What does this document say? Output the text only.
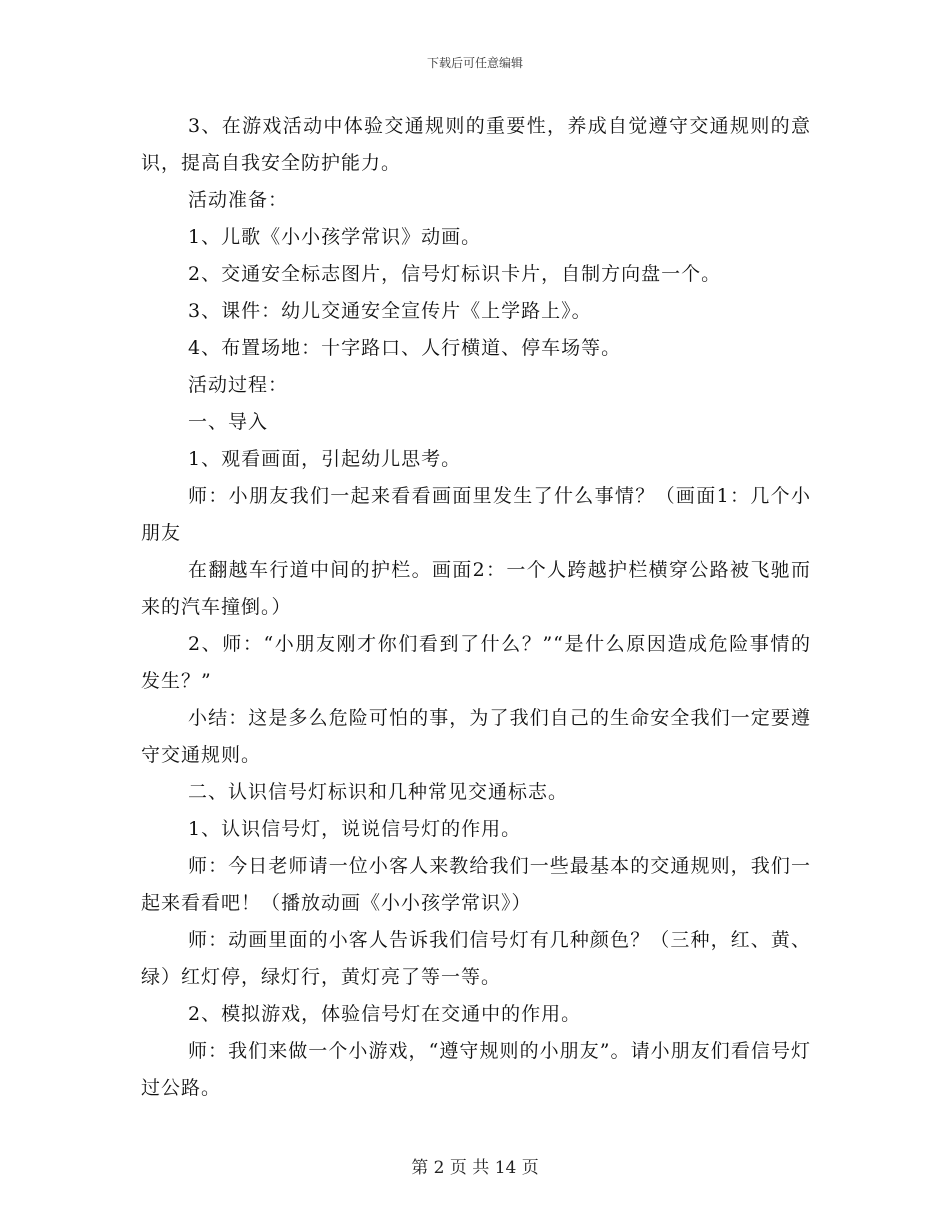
下载后可任意编辑

3、在游戏活动中体验交通规则的重要性，养成自觉遵守交通规则的意识，提高自我安全防护能力。

活动准备：

1、儿歌《小小孩学常识》动画。

2、交通安全标志图片，信号灯标识卡片，自制方向盘一个。

3、课件：幼儿交通安全宣传片《上学路上》。

4、布置场地：十字路口、人行横道、停车场等。

活动过程：

一、导入

1、观看画面，引起幼儿思考。

师：小朋友我们一起来看看画面里发生了什么事情？（画面1：几个小朋友

在翻越车行道中间的护栏。画面2：一个人跨越护栏横穿公路被飞驰而来的汽车撞倒。）

2、师：“小朋友刚才你们看到了什么？”“是什么原因造成危险事情的发生？”

小结：这是多么危险可怕的事，为了我们自己的生命安全我们一定要遵守交通规则。

二、认识信号灯标识和几种常见交通标志。

1、认识信号灯，说说信号灯的作用。

师：今日老师请一位小客人来教给我们一些最基本的交通规则，我们一起来看看吧！（播放动画《小小孩学常识》）

师：动画里面的小客人告诉我们信号灯有几种颜色？（三种，红、黄、绿）红灯停，绿灯行，黄灯亮了等一等。

2、模拟游戏，体验信号灯在交通中的作用。

师：我们来做一个小游戏，“遵守规则的小朋友”。请小朋友们看信号灯过公路。

第 2 页 共 14 页
